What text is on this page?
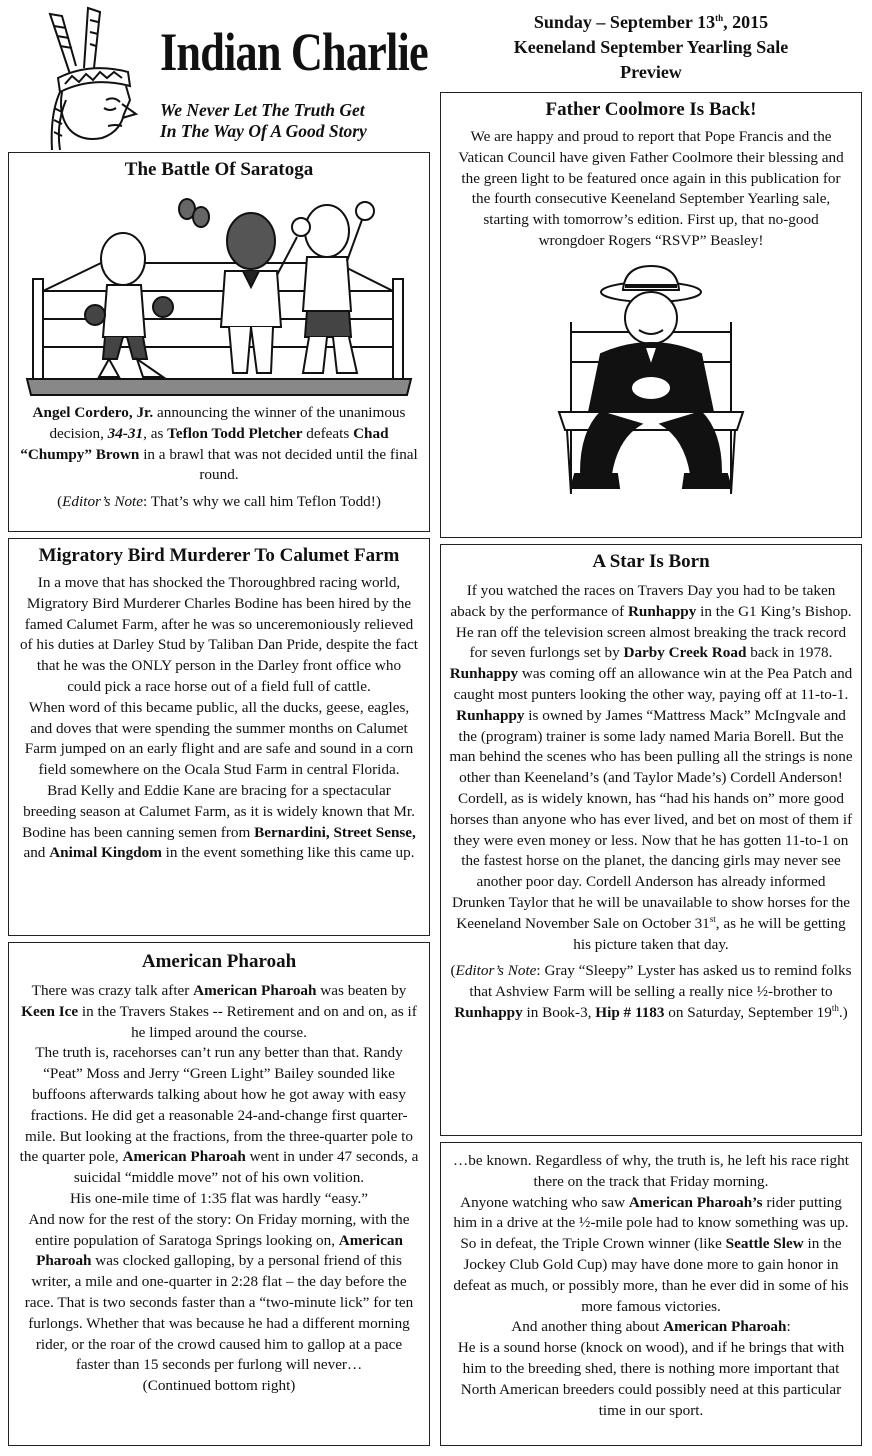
Indian Charlie
We Never Let The Truth Get
In The Way Of A Good Story
Sunday – September 13th, 2015
Keeneland September Yearling Sale
Preview
The Battle Of Saratoga

Angel Cordero, Jr. announcing the winner of the unanimous decision, 34-31, as Teflon Todd Pletcher defeats Chad “Chumpy” Brown in a brawl that was not decided until the final round.

(Editor’s Note: That’s why we call him Teflon Todd!)

Father Coolmore Is Back!

We are happy and proud to report that Pope Francis and the Vatican Council have given Father Coolmore their blessing and the green light to be featured once again in this publication for the fourth consecutive Keeneland September Yearling sale, starting with tomorrow’s edition. First up, that no-good wrongdoer Rogers “RSVP” Beasley!

Migratory Bird Murderer To Calumet Farm

In a move that has shocked the Thoroughbred racing world, Migratory Bird Murderer Charles Bodine has been hired by the famed Calumet Farm, after he was so unceremoniously relieved of his duties at Darley Stud by Taliban Dan Pride, despite the fact that he was the ONLY person in the Darley front office who could pick a race horse out of a field full of cattle.

When word of this became public, all the ducks, geese, eagles, and doves that were spending the summer months on Calumet Farm jumped on an early flight and are safe and sound in a corn field somewhere on the Ocala Stud Farm in central Florida.

Brad Kelly and Eddie Kane are bracing for a spectacular breeding season at Calumet Farm, as it is widely known that Mr. Bodine has been canning semen from Bernardini, Street Sense, and Animal Kingdom in the event something like this came up.

A Star Is Born

If you watched the races on Travers Day you had to be taken aback by the performance of Runhappy in the G1 King’s Bishop. He ran off the television screen almost breaking the track record for seven furlongs set by Darby Creek Road back in 1978.

Runhappy was coming off an allowance win at the Pea Patch and caught most punters looking the other way, paying off at 11-to-1.

Runhappy is owned by James “Mattress Mack” McIngvale and the (program) trainer is some lady named Maria Borell. But the man behind the scenes who has been pulling all the strings is none other than Keeneland’s (and Taylor Made’s) Cordell Anderson! Cordell, as is widely known, has “had his hands on” more good horses than anyone who has ever lived, and bet on most of them if they were even money or less. Now that he has gotten 11-to-1 on the fastest horse on the planet, the dancing girls may never see another poor day. Cordell Anderson has already informed Drunken Taylor that he will be unavailable to show horses for the Keeneland November Sale on October 31st, as he will be getting his picture taken that day.

(Editor’s Note: Gray “Sleepy” Lyster has asked us to remind folks that Ashview Farm will be selling a really nice ½-brother to Runhappy in Book-3, Hip # 1183 on Saturday, September 19th.)

American Pharoah

There was crazy talk after American Pharoah was beaten by Keen Ice in the Travers Stakes -- Retirement and on and on, as if he limped around the course.

The truth is, racehorses can’t run any better than that. Randy “Peat” Moss and Jerry “Green Light” Bailey sounded like buffoons afterwards talking about how he got away with easy fractions. He did get a reasonable 24-and-change first quarter-mile. But looking at the fractions, from the three-quarter pole to the quarter pole, American Pharoah went in under 47 seconds, a suicidal “middle move” not of his own volition.

His one-mile time of 1:35 flat was hardly “easy.”

And now for the rest of the story: On Friday morning, with the entire population of Saratoga Springs looking on, American Pharoah was clocked galloping, by a personal friend of this writer, a mile and one-quarter in 2:28 flat – the day before the race. That is two seconds faster than a “two-minute lick” for ten furlongs. Whether that was because he had a different morning rider, or the roar of the crowd caused him to gallop at a pace faster than 15 seconds per furlong will never…

(Continued bottom right)

…be known. Regardless of why, the truth is, he left his race right there on the track that Friday morning.

Anyone watching who saw American Pharoah’s rider putting him in a drive at the ½-mile pole had to know something was up. So in defeat, the Triple Crown winner (like Seattle Slew in the Jockey Club Gold Cup) may have done more to gain honor in defeat as much, or possibly more, than he ever did in some of his more famous victories.

And another thing about American Pharoah:

He is a sound horse (knock on wood), and if he brings that with him to the breeding shed, there is nothing more important that North American breeders could possibly need at this particular time in our sport.
